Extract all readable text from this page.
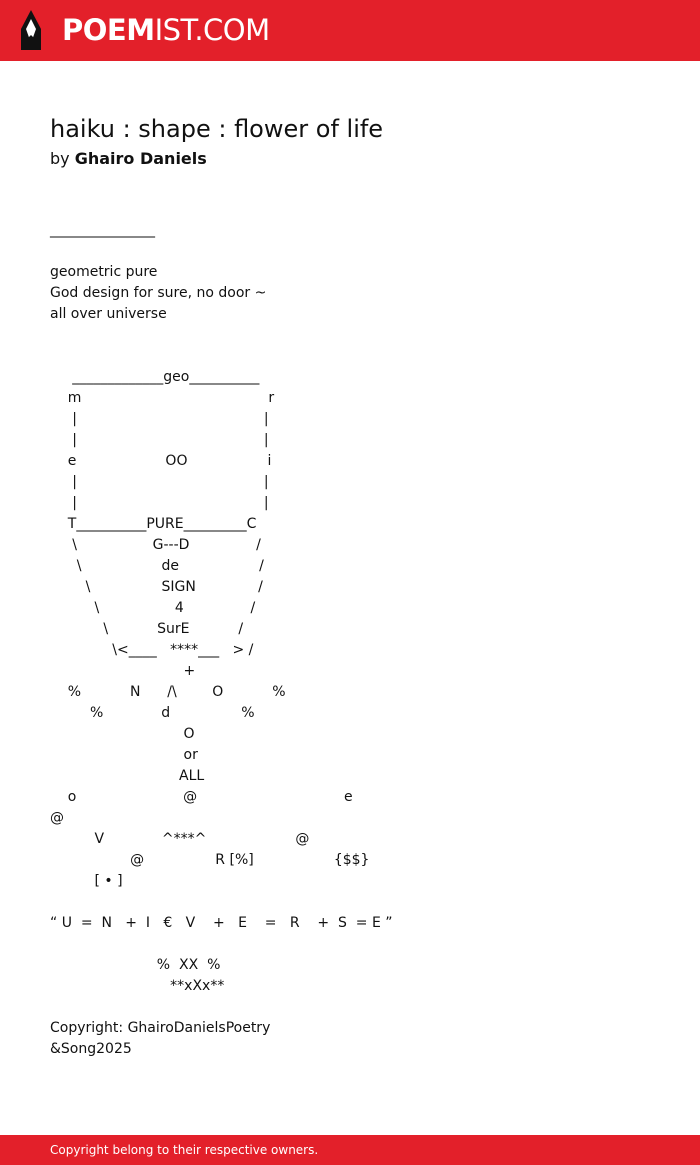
POEMIST.COM
haiku : shape : flower of life
by Ghairo Daniels
_______________

geometric pure
God design for sure, no door ~
all over universe

_____________geo__________
m                                          r
|                                          |
|                                          |
e                    OO                  i
|                                          |
|                                          |
T__________PURE_________C
\                 G---D               /
\                  de                  /
\                SIGN              /
\                 4               /
\           SurE           /
\<____   ****___   > /
+
%           N      /\        O           %
%             d                %
O
or
ALL
o                        @                                 e
@
V             ^***^                    @
@                R [%]                  {$$}
[ • ]

“ U  =  N   +  I   €   V    +   E    =   R    +  S  = E ”

%  XX  %
**xXx**

Copyright: GhairoDanielsPoetry
&Song2025
Copyright belong to their respective owners.
